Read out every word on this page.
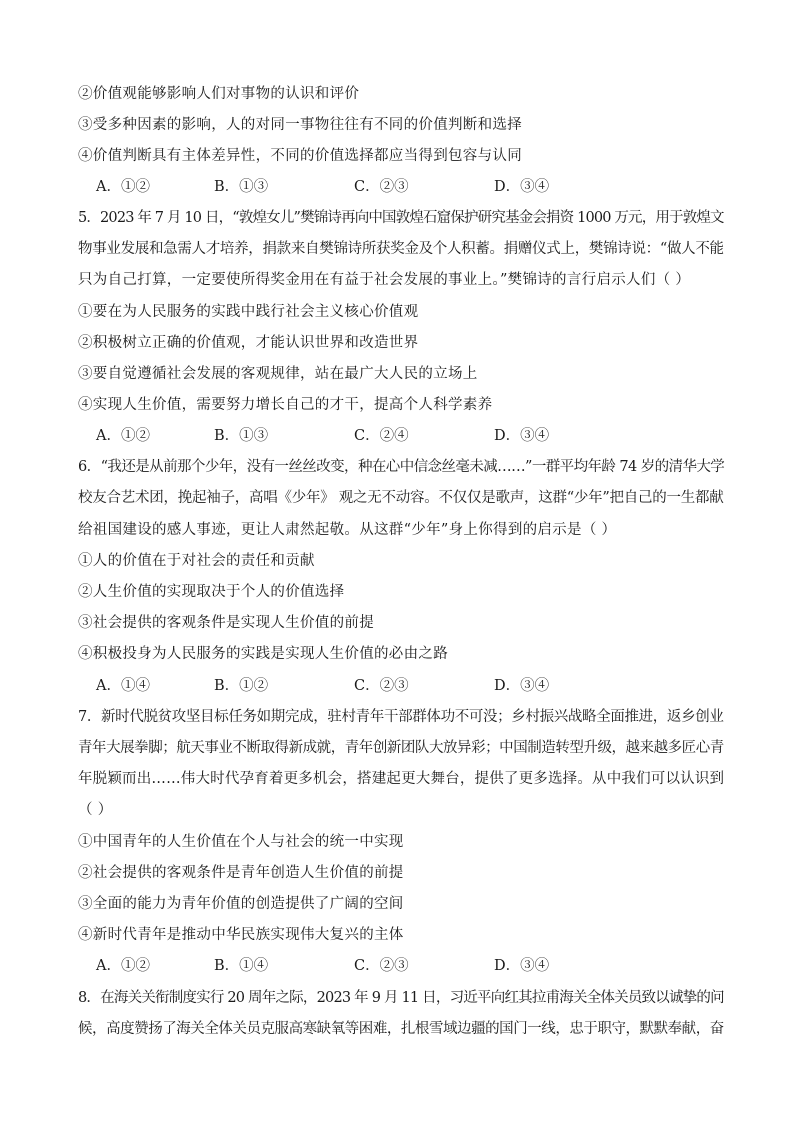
②价值观能够影响人们对事物的认识和评价
③受多种因素的影响，人的对同一事物往往有不同的价值判断和选择
④价值判断具有主体差异性，不同的价值选择都应当得到包容与认同
A．①②	B．①③	C．②③	D．③④
5．2023 年 7 月 10 日，“敦煌女儿”樊锦诗再向中国敦煌石窟保护研究基金会捐资 1000 万元，用于敦煌文
物事业发展和急需人才培养，捐款来自樊锦诗所获奖金及个人积蓄。捐赠仪式上，樊锦诗说：“做人不能
只为自己打算，一定要使所得奖金用在有益于社会发展的事业上。”樊锦诗的言行启示人们（ ）
①要在为人民服务的实践中践行社会主义核心价值观
②积极树立正确的价值观，才能认识世界和改造世界
③要自觉遵循社会发展的客观规律，站在最广大人民的立场上
④实现人生价值，需要努力增长自己的才干，提高个人科学素养
A．①②	B．①③	C．②④	D．③④
6．“我还是从前那个少年，没有一丝丝改变，种在心中信念丝毫未减……”一群平均年龄 74 岁的清华大学
校友合艺术团，挽起袖子，高唱《少年》 观之无不动容。不仅仅是歌声，这群“少年”把自己的一生都献
给祖国建设的感人事迹，更让人肃然起敬。从这群“少年”身上你得到的启示是（ ）
①人的价值在于对社会的责任和贡献
②人生价值的实现取决于个人的价值选择
③社会提供的客观条件是实现人生价值的前提
④积极投身为人民服务的实践是实现人生价值的必由之路
A．①④	B．①②	C．②③	D．③④
7．新时代脱贫攻坚目标任务如期完成，驻村青年干部群体功不可没；乡村振兴战略全面推进，返乡创业
青年大展拳脚；航天事业不断取得新成就，青年创新团队大放异彩；中国制造转型升级，越来越多匠心青
年脱颖而出……伟大时代孕育着更多机会，搭建起更大舞台，提供了更多选择。从中我们可以认识到
（ ）
①中国青年的人生价值在个人与社会的统一中实现
②社会提供的客观条件是青年创造人生价值的前提
③全面的能力为青年价值的创造提供了广阔的空间
④新时代青年是推动中华民族实现伟大复兴的主体
A．①②	B．①④	C．②③	D．③④
8．在海关关衔制度实行 20 周年之际，2023 年 9 月 11 日，习近平向红其拉甫海关全体关员致以诚挚的问
候，高度赞扬了海关全体关员克服高寒缺氧等困难，扎根雪域边疆的国门一线，忠于职守，默默奉献，奋
